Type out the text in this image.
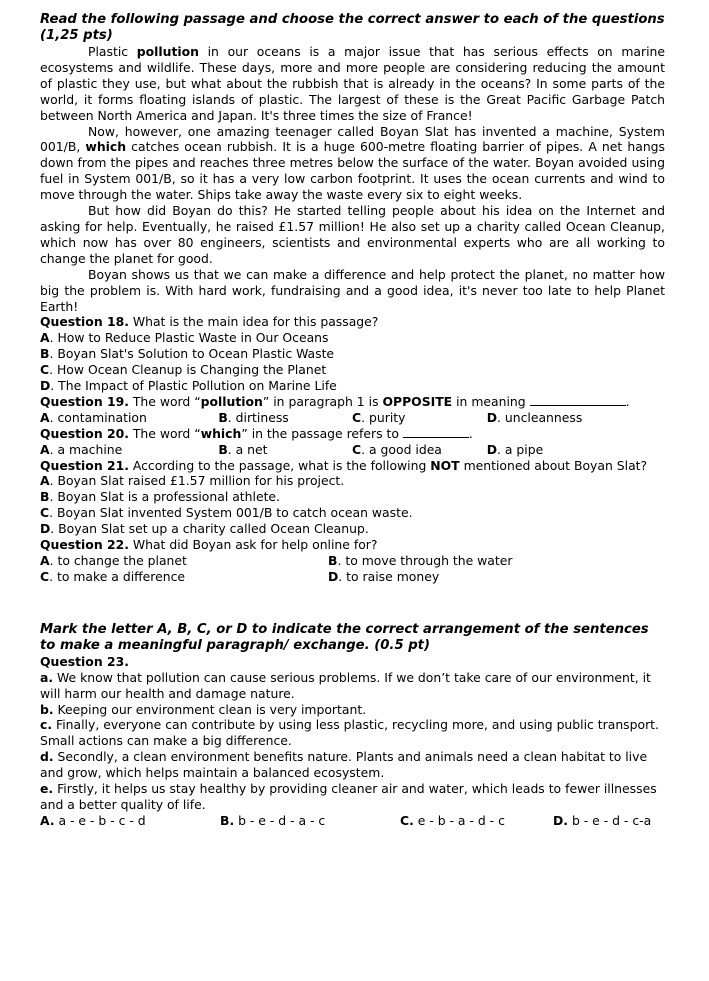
Read the following passage and choose the correct answer to each of the questions (1,25 pts)

Plastic pollution in our oceans is a major issue that has serious effects on marine ecosystems and wildlife. These days, more and more people are considering reducing the amount of plastic they use, but what about the rubbish that is already in the oceans? In some parts of the world, it forms floating islands of plastic. The largest of these is the Great Pacific Garbage Patch between North America and Japan. It's three times the size of France!

Now, however, one amazing teenager called Boyan Slat has invented a machine, System 001/B, which catches ocean rubbish. It is a huge 600-metre floating barrier of pipes. A net hangs down from the pipes and reaches three metres below the surface of the water. Boyan avoided using fuel in System 001/B, so it has a very low carbon footprint. It uses the ocean currents and wind to move through the water. Ships take away the waste every six to eight weeks.

But how did Boyan do this? He started telling people about his idea on the Internet and asking for help. Eventually, he raised £1.57 million! He also set up a charity called Ocean Cleanup, which now has over 80 engineers, scientists and environmental experts who are all working to change the planet for good.

Boyan shows us that we can make a difference and help protect the planet, no matter how big the problem is. With hard work, fundraising and a good idea, it's never too late to help Planet Earth!

Question 18. What is the main idea for this passage?
A. How to Reduce Plastic Waste in Our Oceans
B. Boyan Slat's Solution to Ocean Plastic Waste
C. How Ocean Cleanup is Changing the Planet
D. The Impact of Plastic Pollution on Marine Life
Question 19. The word “pollution” in paragraph 1 is OPPOSITE in meaning	.
A. contamination	B. dirtiness	C. purity	D. uncleanness
Question 20. The word “which” in the passage refers to	.
A. a machine	B. a net	C. a good idea	D. a pipe
Question 21. According to the passage, what is the following NOT mentioned about Boyan Slat?
A. Boyan Slat raised £1.57 million for his project.
B. Boyan Slat is a professional athlete.
C. Boyan Slat invented System 001/B to catch ocean waste.
D. Boyan Slat set up a charity called Ocean Cleanup.
Question 22. What did Boyan ask for help online for?
A. to change the planet	B. to move through the water
C. to make a difference	D. to raise money
Mark the letter A, B, C, or D to indicate the correct arrangement of the sentences to make a meaningful paragraph/ exchange. (0.5 pt)
Question 23.
a. We know that pollution can cause serious problems. If we don’t take care of our environment, it will harm our health and damage nature.
b. Keeping our environment clean is very important.
c. Finally, everyone can contribute by using less plastic, recycling more, and using public transport. Small actions can make a big difference.
d. Secondly, a clean environment benefits nature. Plants and animals need a clean habitat to live and grow, which helps maintain a balanced ecosystem.
e. Firstly, it helps us stay healthy by providing cleaner air and water, which leads to fewer illnesses and a better quality of life.
A. a - e - b - c - d	B. b - e - d - a - c	C. e - b - a - d - c	D. b - e - d - c-a
